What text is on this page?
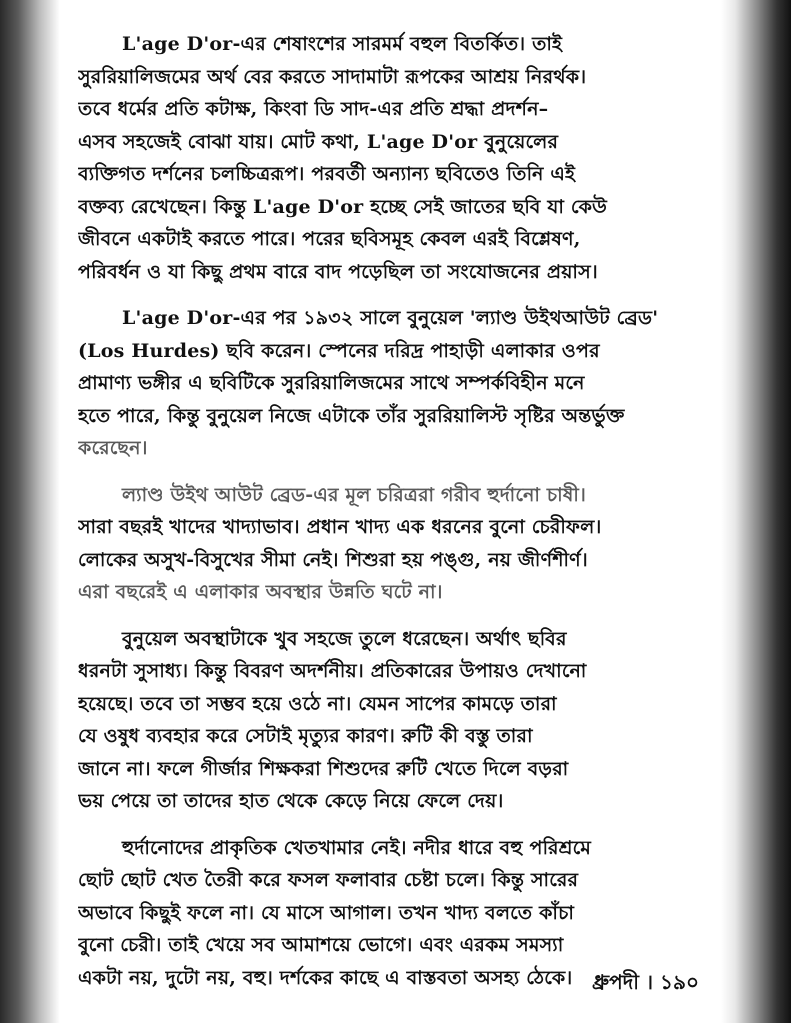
L'age D'or-এর শেষাংশের সারমর্ম বহুল বিতর্কিত। তাই
সুররিয়ালিজমের অর্থ বের করতে সাদামাটা রূপকের আশ্রয় নিরর্থক।
তবে ধর্মের প্রতি কটাক্ষ, কিংবা ডি সাদ-এর প্রতি শ্রদ্ধা প্রদর্শন–
এসব সহজেই বোঝা যায়। মোট কথা, L'age D'or বুনুয়েলের
ব্যক্তিগত দর্শনের চলচ্চিত্ররূপ। পরবর্তী অন্যান্য ছবিতেও তিনি এই
বক্তব্য রেখেছেন। কিন্তু L'age D'or হচ্ছে সেই জাতের ছবি যা কেউ
জীবনে একটাই করতে পারে। পরের ছবিসমূহ কেবল এরই বিশ্লেষণ,
পরিবর্ধন ও যা কিছু প্রথম বারে বাদ পড়েছিল তা সংযোজনের প্রয়াস।
L'age D'or-এর পর ১৯৩২ সালে বুনুয়েল 'ল্যাণ্ড উইথআউট ব্রেড'
(Los Hurdes) ছবি করেন। স্পেনের দরিদ্র পাহাড়ী এলাকার ওপর
প্রামাণ্য ভঙ্গীর এ ছবিটিকে সুররিয়ালিজমের সাথে সম্পর্কবিহীন মনে
হতে পারে, কিন্তু বুনুয়েল নিজে এটাকে তাঁর সুররিয়ালিস্ট সৃষ্টির অন্তর্ভুক্ত
করেছেন।
ল্যাণ্ড উইথ আউট ব্রেড-এর মূল চরিত্ররা গরীব হুর্দানো চাষী।
সারা বছরই খাদের খাদ্যাভাব। প্রধান খাদ্য এক ধরনের বুনো চেরীফল।
লোকের অসুখ-বিসুখের সীমা নেই। শিশুরা হয় পঙ্গু, নয় জীর্ণশীর্ণ।
এরা বছরেই এ এলাকার অবস্থার উন্নতি ঘটে না।
বুনুয়েল অবস্থাটাকে খুব সহজে তুলে ধরেছেন। অর্থাৎ ছবির
ধরনটা সুসাধ্য। কিন্তু বিবরণ অদর্শনীয়। প্রতিকারের উপায়ও দেখানো
হয়েছে। তবে তা সম্ভব হয়ে ওঠে না। যেমন সাপের কামড়ে তারা
যে ওষুধ ব্যবহার করে সেটাই মৃত্যুর কারণ। রুটি কী বস্তু তারা
জানে না। ফলে গীর্জার শিক্ষকরা শিশুদের রুটি খেতে দিলে বড়রা
ভয় পেয়ে তা তাদের হাত থেকে কেড়ে নিয়ে ফেলে দেয়।
হুর্দানোদের প্রাকৃতিক খেতখামার নেই। নদীর ধারে বহু পরিশ্রমে
ছোট ছোট খেত তৈরী করে ফসল ফলাবার চেষ্টা চলে। কিন্তু সারের
অভাবে কিছুই ফলে না। যে মাসে আগাল। তখন খাদ্য বলতে কাঁচা
বুনো চেরী। তাই খেয়ে সব আমাশয়ে ভোগে। এবং এরকম সমস্যা
একটা নয়, দুটো নয়, বহু। দর্শকের কাছে এ বাস্তবতা অসহ্য ঠেকে। ধ্রুপদী । ১৯০
